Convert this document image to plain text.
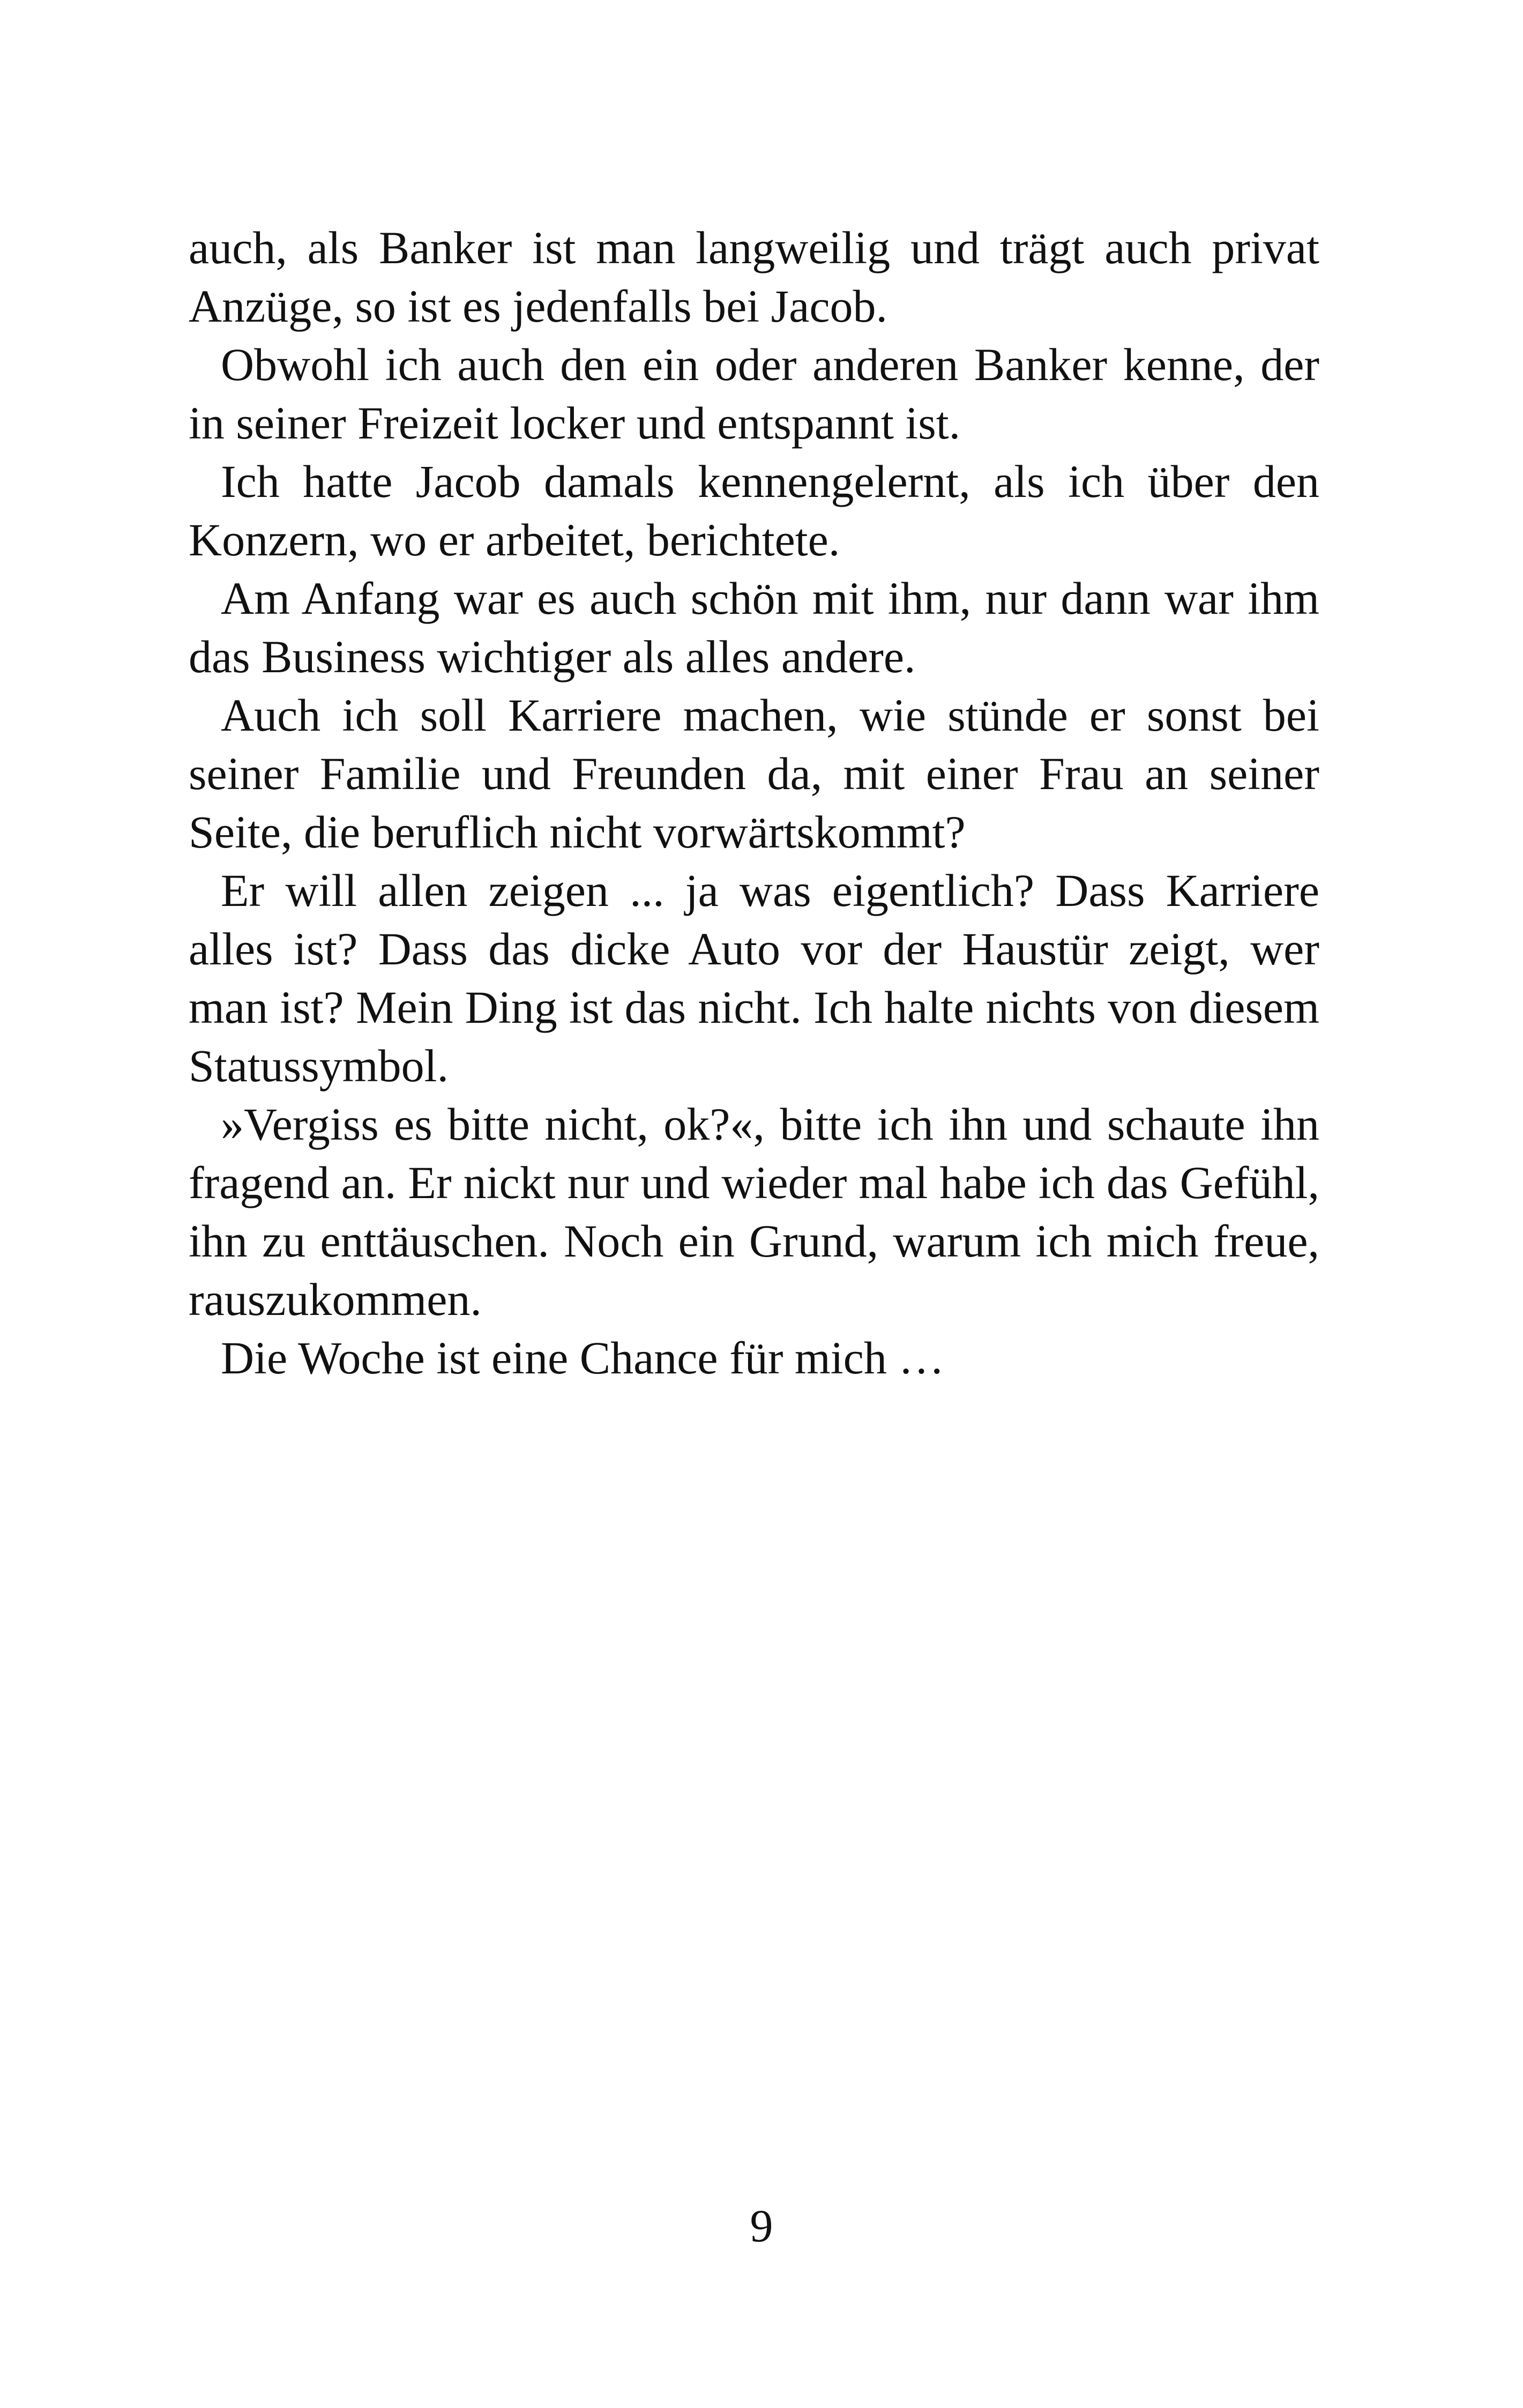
auch, als Banker ist man langweilig und trägt auch privat Anzüge, so ist es jedenfalls bei Jacob.

Obwohl ich auch den ein oder anderen Banker kenne, der in seiner Freizeit locker und entspannt ist.

Ich hatte Jacob damals kennengelernt, als ich über den Konzern, wo er arbeitet, berichtete.

Am Anfang war es auch schön mit ihm, nur dann war ihm das Business wichtiger als alles andere.

Auch ich soll Karriere machen, wie stünde er sonst bei seiner Familie und Freunden da, mit einer Frau an seiner Seite, die beruflich nicht vorwärtskommt?

Er will allen zeigen ... ja was eigentlich? Dass Karriere alles ist? Dass das dicke Auto vor der Haustür zeigt, wer man ist? Mein Ding ist das nicht. Ich halte nichts von diesem Statussymbol.

»Vergiss es bitte nicht, ok?«, bitte ich ihn und schaute ihn fragend an. Er nickt nur und wieder mal habe ich das Gefühl, ihn zu enttäuschen. Noch ein Grund, warum ich mich freue, rauszukommen.

Die Woche ist eine Chance für mich …

9
